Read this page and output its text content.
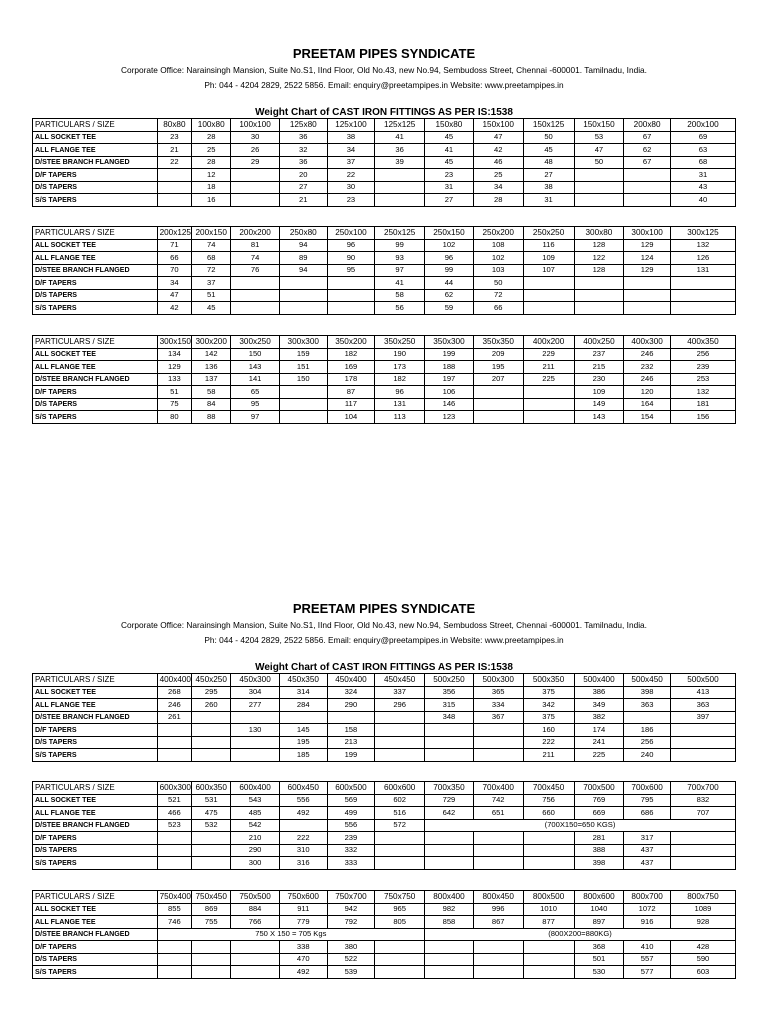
PREETAM PIPES SYNDICATE

Corporate Office: Narainsingh Mansion, Suite No.S1, IInd Floor, Old No.43, new No.94, Sembudoss Street, Chennai -600001. Tamilnadu, India.

Ph: 044 - 4204 2829, 2522 5856. Email: enquiry@preetampipes.in Website: www.preetampipes.in

Weight Chart of CAST IRON FITTINGS AS PER IS:1538

PARTICULARS / SIZE	80x80	100x80	100x100	125x80	125x100	125x125	150x80	150x100	150x125	150x150	200x80	200x100
ALL SOCKET TEE	23	28	30	36	38	41	45	47	50	53	67	69
ALL FLANGE TEE	21	25	26	32	34	36	41	42	45	47	62	63
D/STEE BRANCH FLANGED	22	28	29	36	37	39	45	46	48	50	67	68
D/F TAPERS		12		20	22		23	25	27			31
D/S TAPERS		18		27	30		31	34	38			43
S/S TAPERS		16		21	23		27	28	31			40
PARTICULARS / SIZE	200x125	200x150	200x200	250x80	250x100	250x125	250x150	250x200	250x250	300x80	300x100	300x125
ALL SOCKET TEE	71	74	81	94	96	99	102	108	116	128	129	132
ALL FLANGE TEE	66	68	74	89	90	93	96	102	109	122	124	126
D/STEE BRANCH FLANGED	70	72	76	94	95	97	99	103	107	128	129	131
D/F TAPERS	34	37				41	44	50				
D/S TAPERS	47	51				58	62	72				
S/S TAPERS	42	45				56	59	66				
PARTICULARS / SIZE	300x150	300x200	300x250	300x300	350x200	350x250	350x300	350x350	400x200	400x250	400x300	400x350
ALL SOCKET TEE	134	142	150	159	182	190	199	209	229	237	246	256
ALL FLANGE TEE	129	136	143	151	169	173	188	195	211	215	232	239
D/STEE BRANCH FLANGED	133	137	141	150	178	182	197	207	225	230	246	253
D/F TAPERS	51	58	65		87	96	106			109	120	132
D/S TAPERS	75	84	95		117	131	146			149	164	181
S/S TAPERS	80	88	97		104	113	123			143	154	156

PREETAM PIPES SYNDICATE

Corporate Office: Narainsingh Mansion, Suite No.S1, IInd Floor, Old No.43, new No.94, Sembudoss Street, Chennai -600001. Tamilnadu, India.

Ph: 044 - 4204 2829, 2522 5856. Email: enquiry@preetampipes.in Website: www.preetampipes.in

Weight Chart of CAST IRON FITTINGS AS PER IS:1538

PARTICULARS / SIZE	400x400	450x250	450x300	450x350	450x400	450x450	500x250	500x300	500x350	500x400	500x450	500x500
ALL SOCKET TEE	268	295	304	314	324	337	356	365	375	386	398	413
ALL FLANGE TEE	246	260	277	284	290	296	315	334	342	349	363	363
D/STEE BRANCH FLANGED	261						348	367	375	382		397
D/F TAPERS			130	145	158				160	174	186	
D/S TAPERS				195	213				222	241	256	
S/S TAPERS				185	199				211	225	240	
PARTICULARS / SIZE	600x300	600x350	600x400	600x450	600x500	600x600	700x350	700x400	700x450	700x500	700x600	700x700
ALL SOCKET TEE	521	531	543	556	569	602	729	742	756	769	795	832
ALL FLANGE TEE	466	475	485	492	499	516	642	651	660	669	686	707
D/STEE BRANCH FLANGED	523	532	542		556	572	(700X150=650 KGS)					
D/F TAPERS			210	222	239					281	317	
D/S TAPERS			290	310	332					388	437	
S/S TAPERS			300	316	333					398	437	
PARTICULARS / SIZE	750x400	750x450	750x500	750x600	750x700	750x750	800x400	800x450	800x500	800x600	800x700	800x750
ALL SOCKET TEE	855	869	884	911	942	965	982	996	1010	1040	1072	1089
ALL FLANGE TEE	746	755	766	779	792	805	858	867	877	897	916	928
D/STEE BRANCH FLANGED	750 X 150 = 705 Kgs						(800X200=880KG)					
D/F TAPERS				338	380					368	410	428
D/S TAPERS				470	522					501	557	590
S/S TAPERS				492	539					530	577	603
